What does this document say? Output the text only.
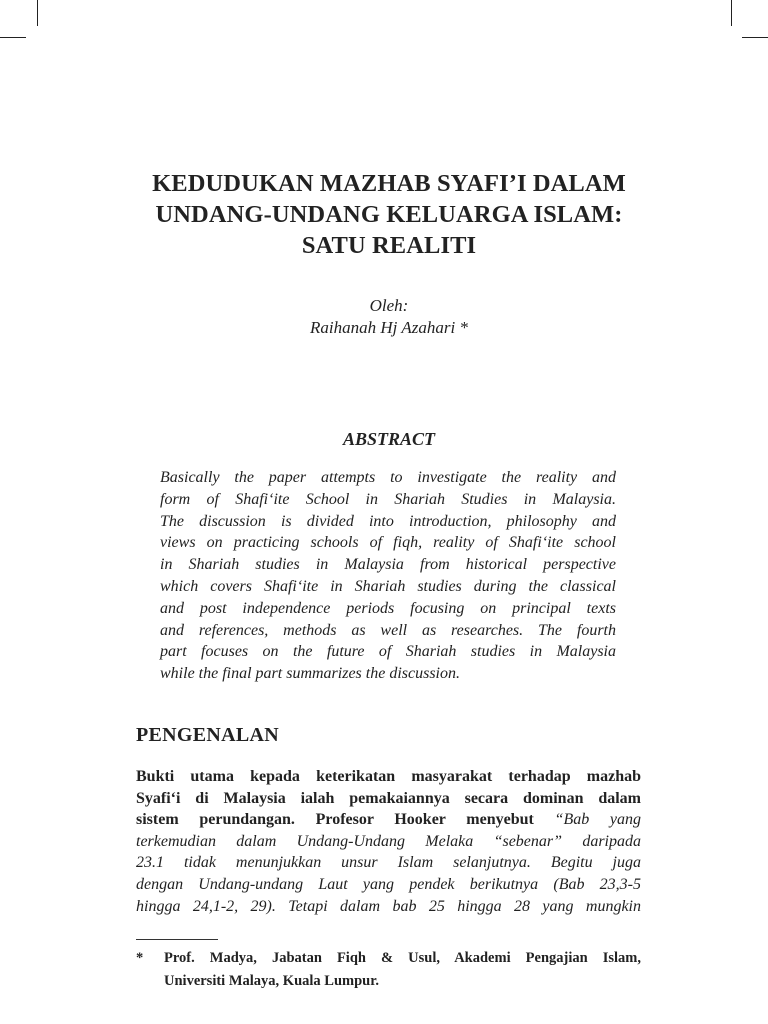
KEDUDUKAN MAZHAB SYAFI’I DALAM
UNDANG-UNDANG KELUARGA ISLAM:
SATU REALITI
Oleh:
Raihanah Hj Azahari *
ABSTRACT
Basically the paper attempts to investigate the reality and
form of Shafi‘ite School in Shariah Studies in Malaysia.
The discussion is divided into introduction, philosophy and
views on practicing schools of fiqh, reality of Shafi‘ite school
in Shariah studies in Malaysia from historical perspective
which covers Shafi‘ite in Shariah studies during the classical
and post independence periods focusing on principal texts
and references, methods as well as researches. The fourth
part focuses on the future of Shariah studies in Malaysia
while the final part summarizes the discussion.
PENGENALAN
Bukti utama kepada keterikatan masyarakat terhadap mazhab
Syafi‘i di Malaysia ialah pemakaiannya secara dominan dalam
sistem perundangan. Profesor Hooker menyebut “Bab yang
terkemudian dalam Undang-Undang Melaka “sebenar” daripada
23.1 tidak menunjukkan unsur Islam selanjutnya. Begitu juga
dengan Undang-undang Laut yang pendek berikutnya (Bab 23,3-5
hingga 24,1-2, 29). Tetapi dalam bab 25 hingga 28 yang mungkin
* Prof. Madya, Jabatan Fiqh & Usul, Akademi Pengajian Islam,
Universiti Malaya, Kuala Lumpur.
